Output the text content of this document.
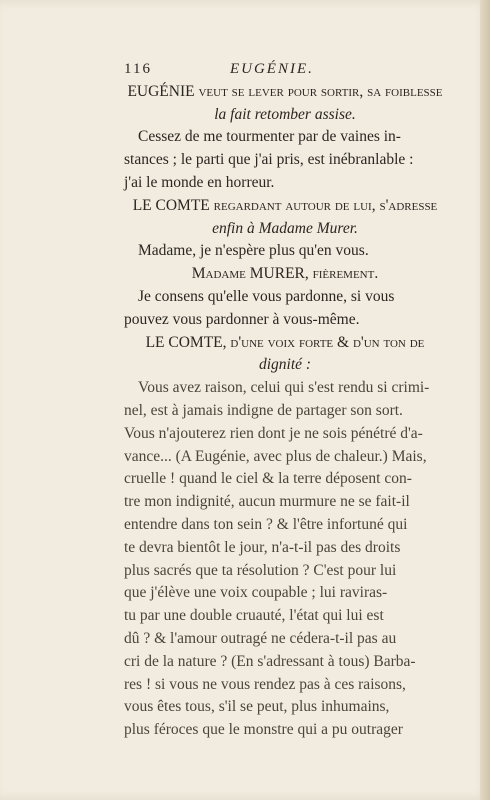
116	EUGÉNIE.
EUGÉNIE veut se lever pour sortir, sa foiblesse
la fait retomber assise.
Cessez de me tourmenter par de vaines in-
stances ; le parti que j'ai pris, est inébranlable :
j'ai le monde en horreur.
LE COMTE regardant autour de lui, s'adresse
enfin à Madame Murer.
Madame, je n'espère plus qu'en vous.
Madame MURER, fièrement.
Je consens qu'elle vous pardonne, si vous
pouvez vous pardonner à vous-même.
LE COMTE, d'une voix forte & d'un ton de
dignité :
Vous avez raison, celui qui s'est rendu si crimi-
nel, est à jamais indigne de partager son sort.
Vous n'ajouterez rien dont je ne sois pénétré d'a-
vance... (A Eugénie, avec plus de chaleur.) Mais,
cruelle ! quand le ciel & la terre déposent con-
tre mon indignité, aucun murmure ne se fait-il
entendre dans ton sein ? & l'être infortuné qui
te devra bientôt le jour, n'a-t-il pas des droits
plus sacrés que ta résolution ? C'est pour lui
que j'élève une voix coupable ; lui raviras-
tu par une double cruauté, l'état qui lui est
dû ? & l'amour outragé ne cédera-t-il pas au
cri de la nature ? (En s'adressant à tous) Barba-
res ! si vous ne vous rendez pas à ces raisons,
vous êtes tous, s'il se peut, plus inhumains,
plus féroces que le monstre qui a pu outrager
